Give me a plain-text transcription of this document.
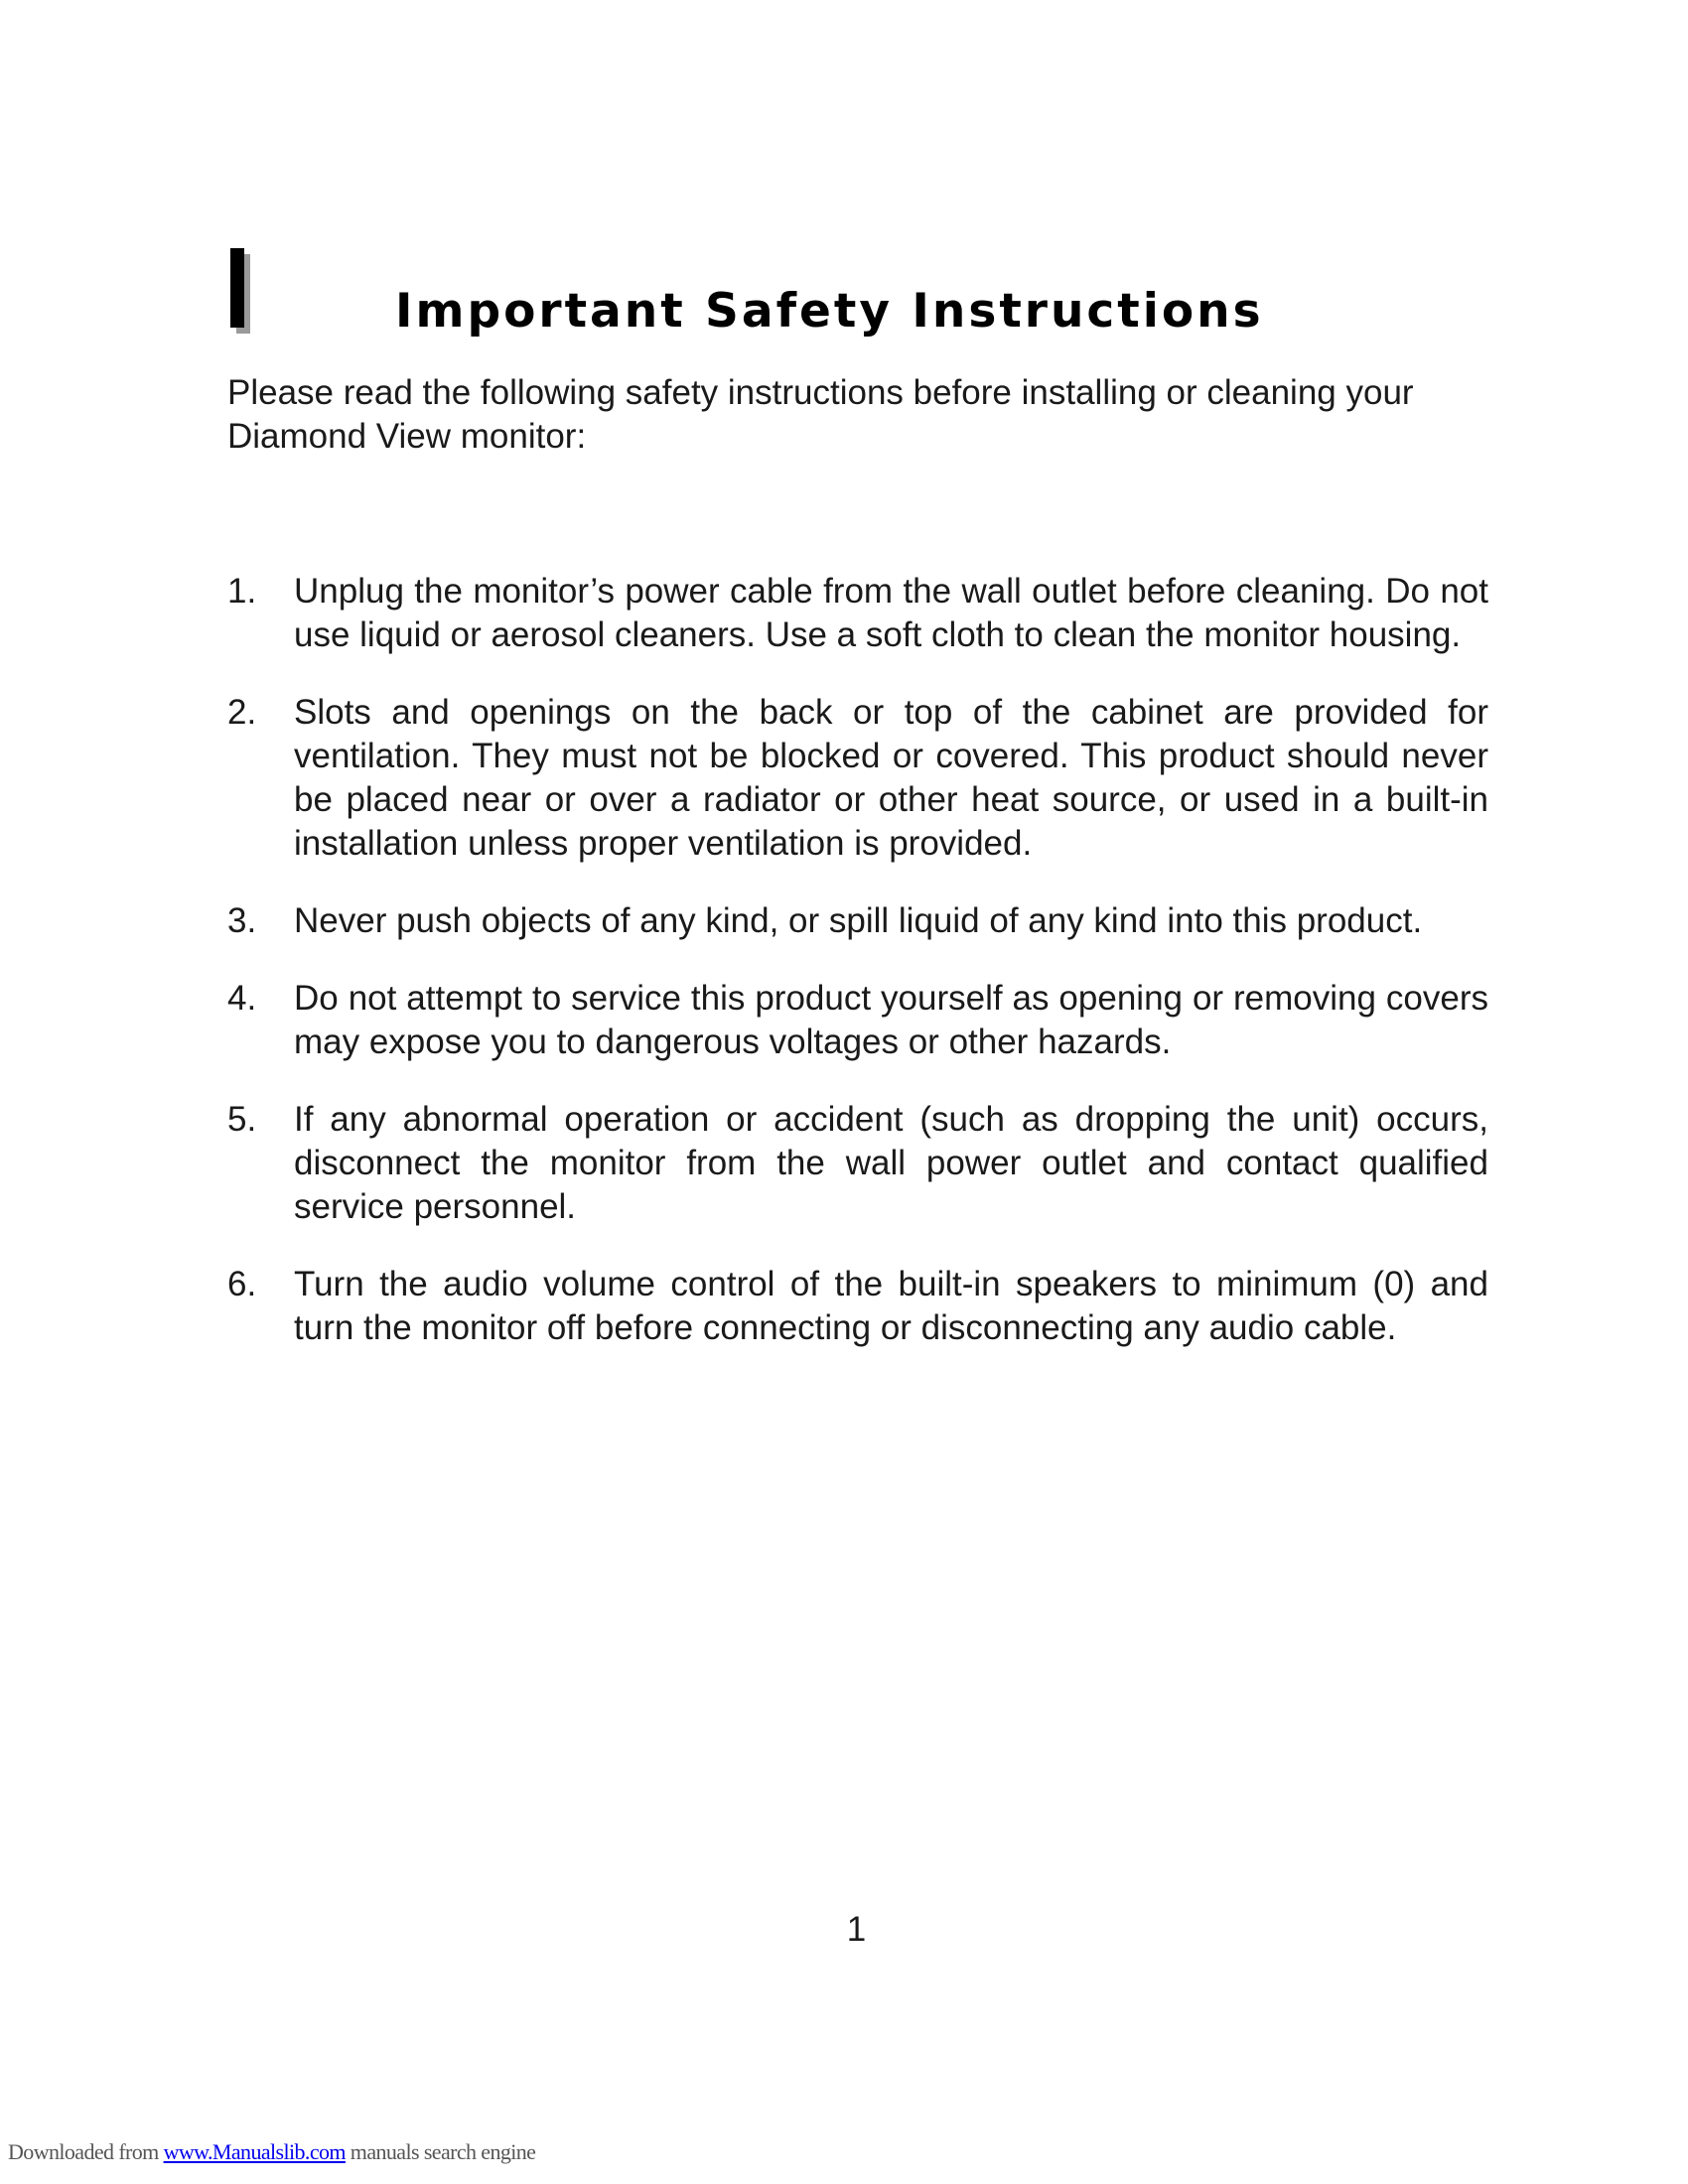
Important Safety Instructions

Please read the following safety instructions before installing or cleaning your Diamond View monitor:

1.	Unplug the monitor’s power cable from the wall outlet before cleaning. Do not use liquid or aerosol cleaners. Use a soft cloth to clean the monitor housing.
2.	Slots and openings on the back or top of the cabinet are provided for ventilation. They must not be blocked or covered. This product should never be placed near or over a radiator or other heat source, or used in a built-in installation unless proper ventilation is provided.
3.	Never push objects of any kind, or spill liquid of any kind into this product.
4.	Do not attempt to service this product yourself as opening or removing covers may expose you to dangerous voltages or other hazards.
5.	If any abnormal operation or accident (such as dropping the unit) occurs, disconnect the monitor from the wall power outlet and contact qualified service personnel.
6.	Turn the audio volume control of the built-in speakers to minimum (0) and turn the monitor off before connecting or disconnecting any audio cable.
1
Downloaded from www.Manualslib.com manuals search engine
